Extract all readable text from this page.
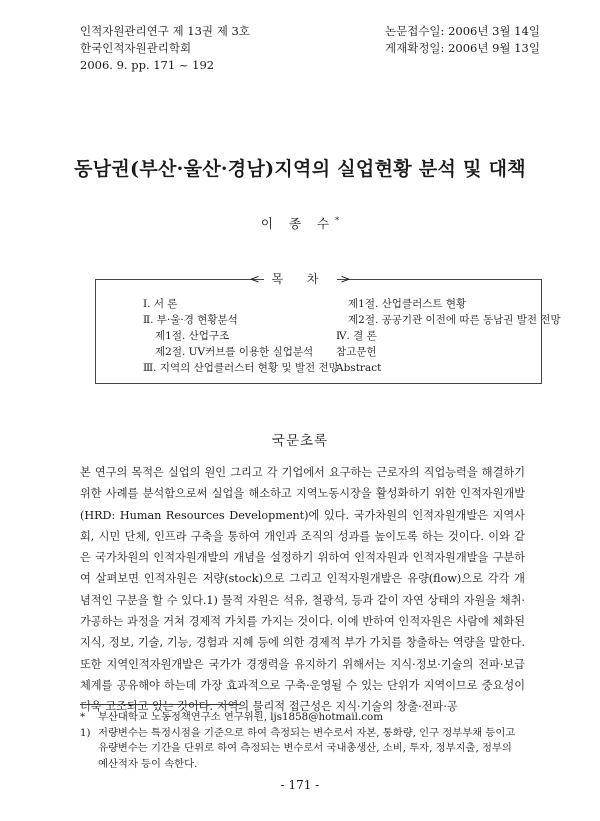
인적자원관리연구 제 13권 제 3호
한국인적자원관리학회
2006. 9. pp. 171 ~ 192
논문접수일: 2006년 3월 14일
게재확정일: 2006년 9월 13일
동남권(부산·울산·경남)지역의 실업현황 분석 및 대책
이 종 수*
< 목 차 >
Ⅰ. 서 론
Ⅱ. 부·울·경 현황분석
제1절. 산업구조
제2절. UV커브를 이용한 실업분석
Ⅲ. 지역의 산업클러스터 현황 및 발전 전망
제1절. 산업클러스트 현황
제2절. 공공기관 이전에 따른 동남권 발전 전망
Ⅳ. 결 론
참고문헌
Abstract
국문초록
본 연구의 목적은 실업의 원인 그리고 각 기업에서 요구하는 근로자의 직업능력을 해결하기 위한 사례를 분석함으로써 실업을 해소하고 지역노동시장을 활성화하기 위한 인적자원개발(HRD: Human Resources Development)에 있다. 국가차원의 인적자원개발은 지역사회, 시민 단체, 인프라 구축을 통하여 개인과 조직의 성과를 높이도록 하는 것이다. 이와 같은 국가차원의 인적자원개발의 개념을 설정하기 위하여 인적자원과 인적자원개발을 구분하여 살펴보면 인적자원은 저량(stock)으로 그리고 인적자원개발은 유량(flow)으로 각각 개념적인 구분을 할 수 있다.1) 물적 자원은 석유, 철광석, 등과 같이 자연 상태의 자원을 채취·가공하는 과정을 거쳐 경제적 가치를 가지는 것이다. 이에 반하여 인적자원은 사람에 체화된 지식, 정보, 기술, 기능, 경험과 지혜 등에 의한 경제적 부가 가치를 창출하는 역량을 말한다. 또한 지역인적자원개발은 국가가 경쟁력을 유지하기 위해서는 지식·정보·기술의 전파·보급체계를 공유해야 하는데 가장 효과적으로 구축·운영될 수 있는 단위가 지역이므로 중요성이 더욱 고조되고 있는 것이다. 지역의 물리적 접근성은 지식·기술의 창출·전파·공
*	부산대학교 노동정책연구소 연구위원, ljs1858@hotmail.com
1) 저량변수는 특정시점을 기준으로 하여 측정되는 변수로서 자본, 통화량, 인구 정부부채 등이고 유량변수는 기간을 단위로 하여 측정되는 변수로서 국내총생산, 소비, 투자, 정부지출, 정부의 예산적자 등이 속한다.
- 171 -
